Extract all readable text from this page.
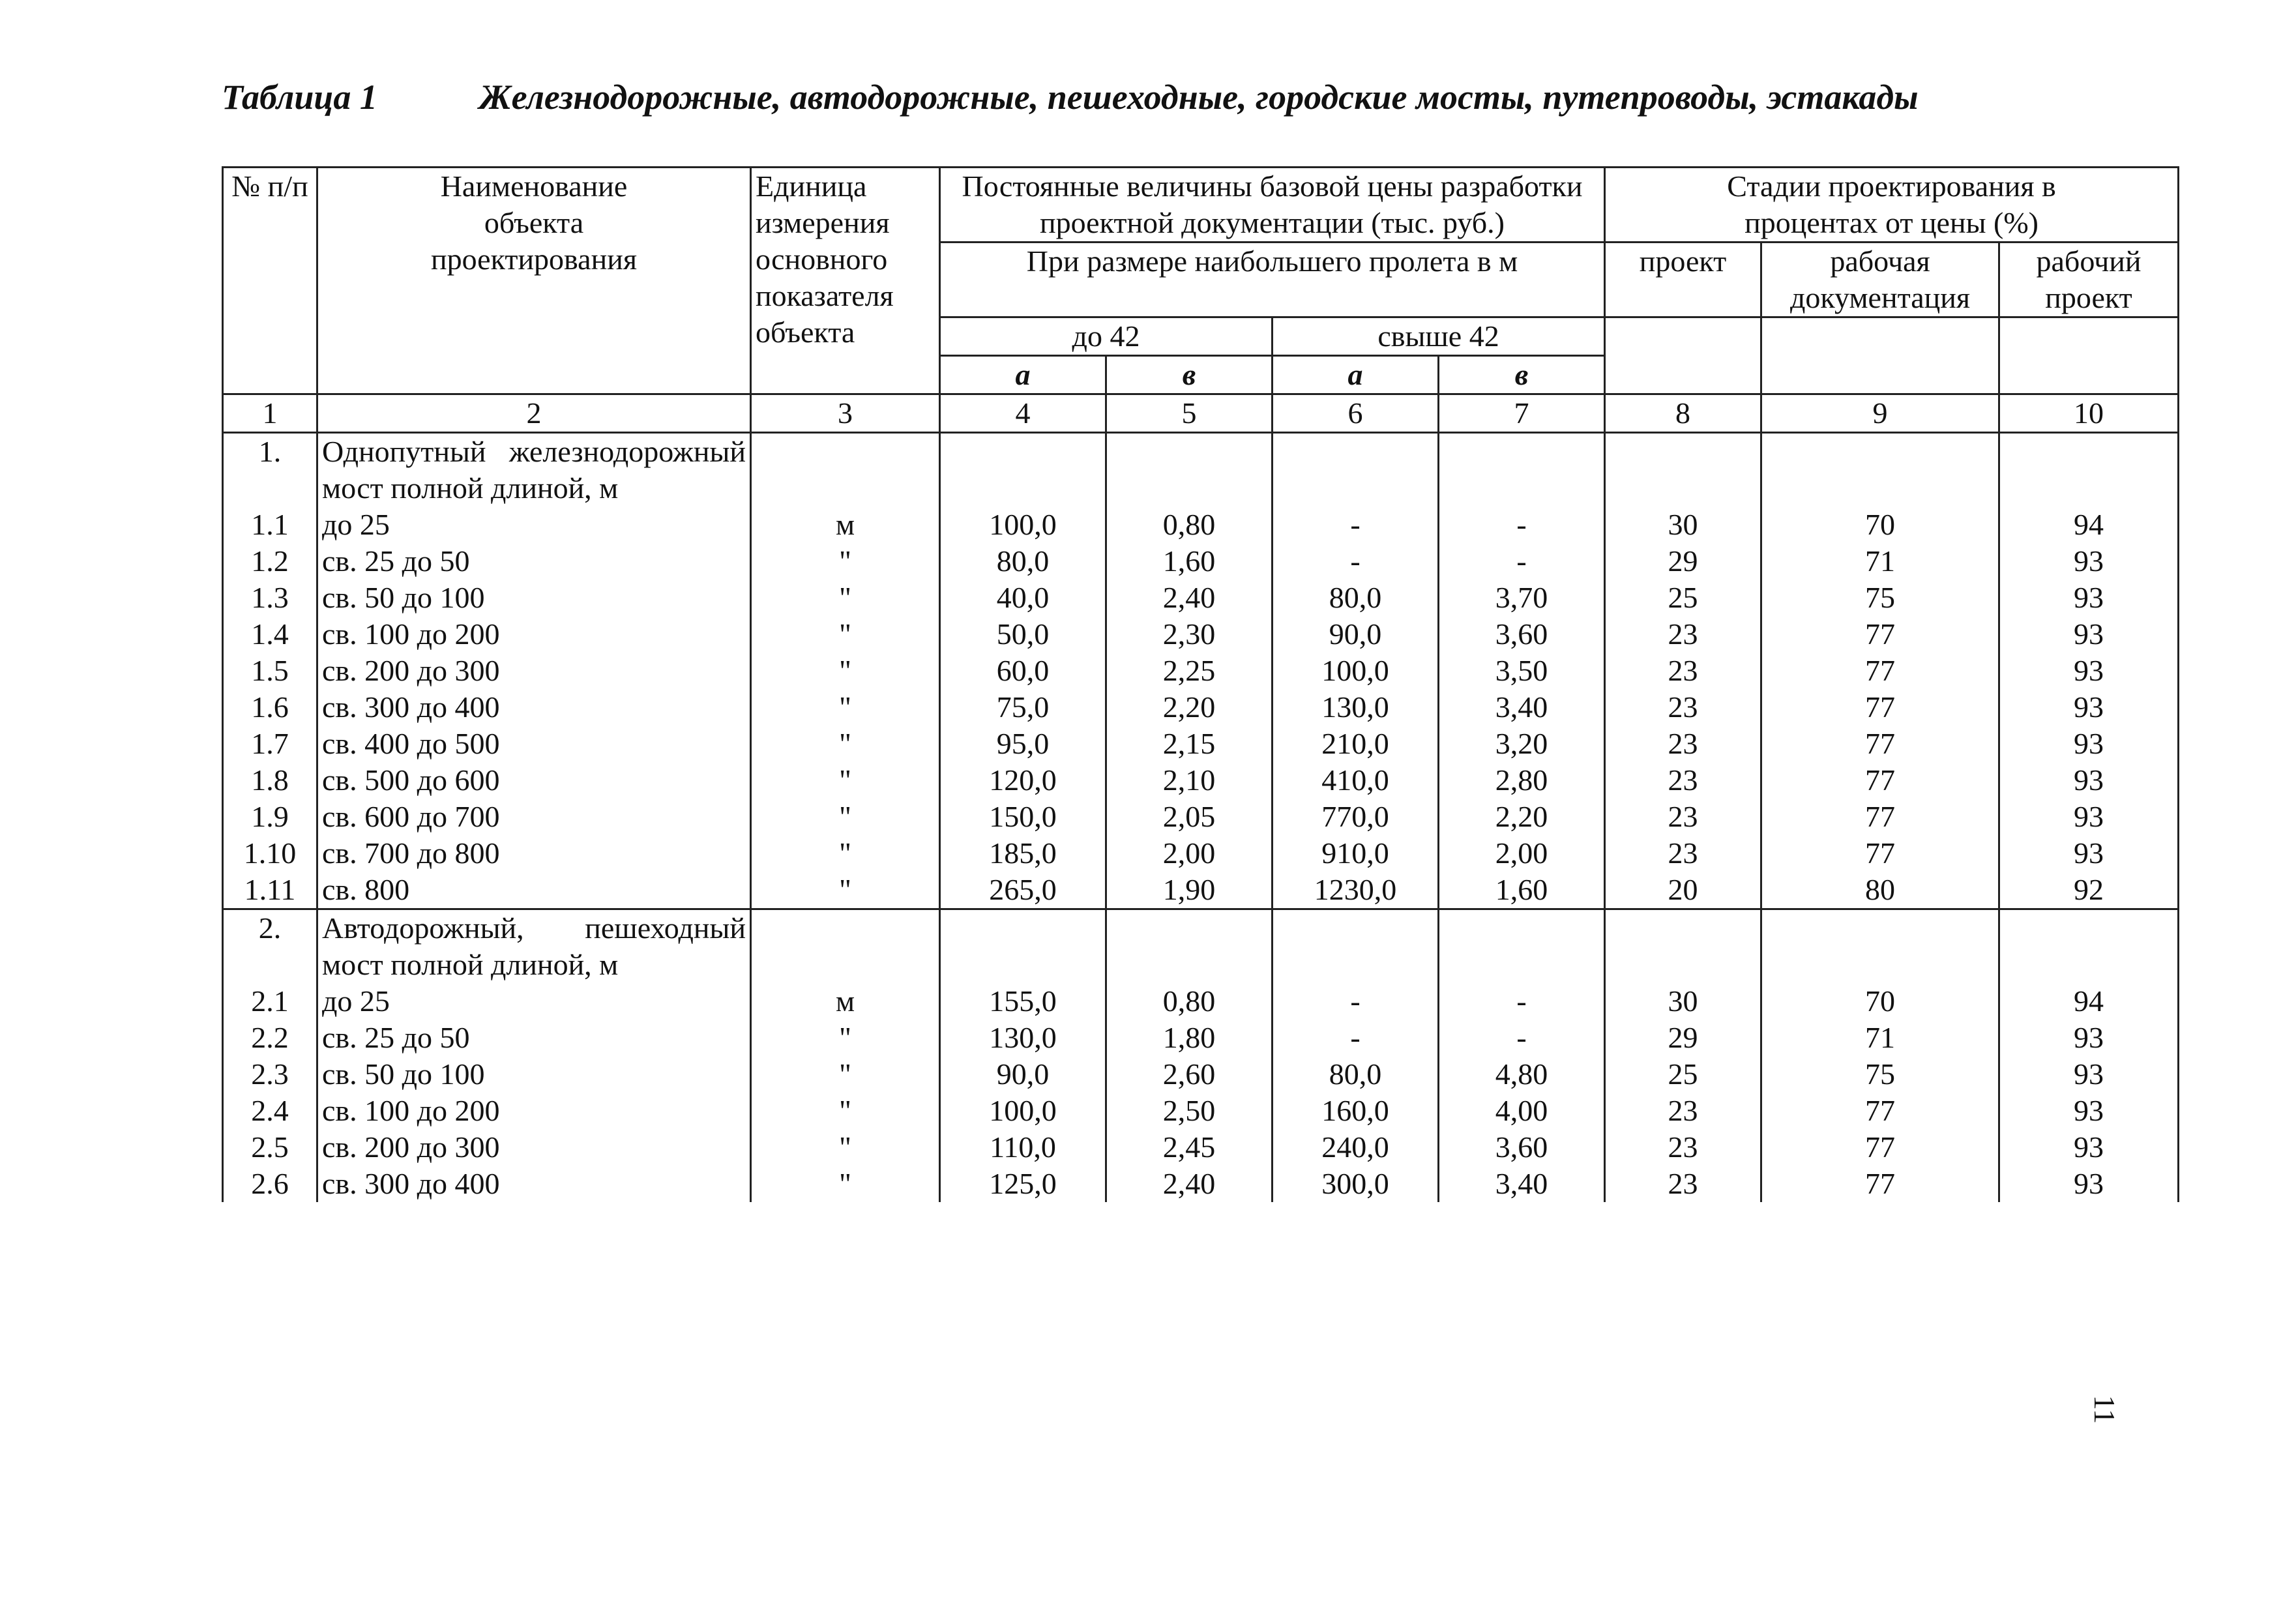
Таблица 1	Железнодорожные, автодорожные, пешеходные, городские мосты, путепроводы, эстакады
№ п/п	Наименование объекта проектирования	Единица измерения основного показателя объекта	Постоянные величины базовой цены разработки проектной документации (тыс. руб.)				Стадии проектирования в процентах от цены (%)		
			При размере наибольшего пролета в м				проект	рабочая документация	рабочий проект
			до 42		свыше 42				
			а	в	а	в			
1	2	3	4	5	6	7	8	9	10
1.	Однопутный железнодорожный мост полной длиной, м								
1.1	до 25	м	100,0	0,80	-	-	30	70	94
1.2	св. 25 до 50	"	80,0	1,60	-	-	29	71	93
1.3	св. 50 до 100	"	40,0	2,40	80,0	3,70	25	75	93
1.4	св. 100 до 200	"	50,0	2,30	90,0	3,60	23	77	93
1.5	св. 200 до 300	"	60,0	2,25	100,0	3,50	23	77	93
1.6	св. 300 до 400	"	75,0	2,20	130,0	3,40	23	77	93
1.7	св. 400 до 500	"	95,0	2,15	210,0	3,20	23	77	93
1.8	св. 500 до 600	"	120,0	2,10	410,0	2,80	23	77	93
1.9	св. 600 до 700	"	150,0	2,05	770,0	2,20	23	77	93
1.10	св. 700 до 800	"	185,0	2,00	910,0	2,00	23	77	93
1.11	св. 800	"	265,0	1,90	1230,0	1,60	20	80	92
2.	Автодорожный, пешеходный мост полной длиной, м								
2.1	до 25	м	155,0	0,80	-	-	30	70	94
2.2	св. 25 до 50	"	130,0	1,80	-	-	29	71	93
2.3	св. 50 до 100	"	90,0	2,60	80,0	4,80	25	75	93
2.4	св. 100 до 200	"	100,0	2,50	160,0	4,00	23	77	93
2.5	св. 200 до 300	"	110,0	2,45	240,0	3,60	23	77	93
2.6	св. 300 до 400	"	125,0	2,40	300,0	3,40	23	77	93
11
